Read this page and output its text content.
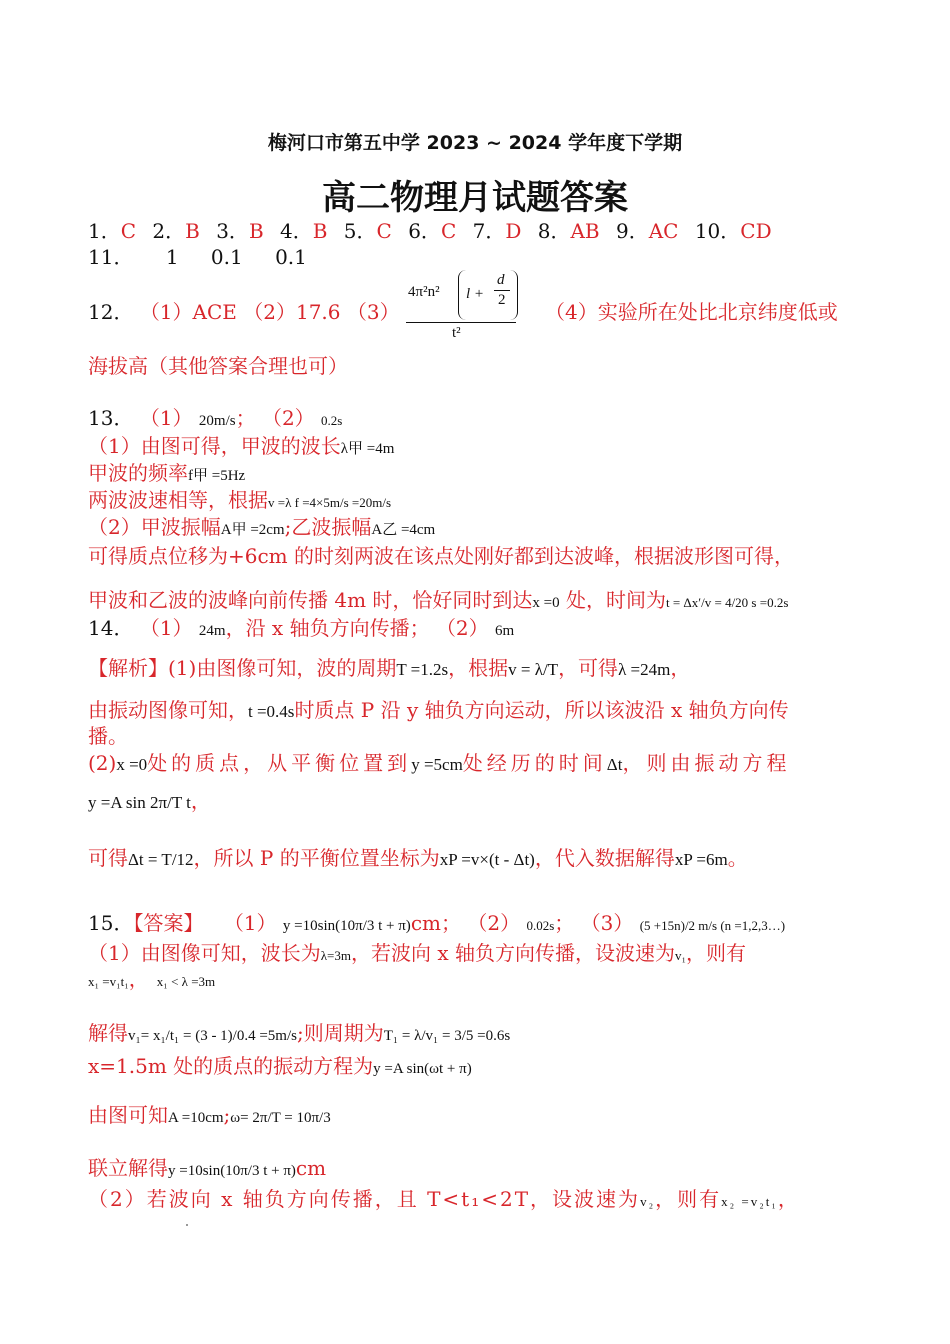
梅河口市第五中学 2023 ~ 2024 学年度下学期
高二物理月试题答案
1．C 2．B 3．B 4．B 5．C 6．C 7．D 8．AB 9．AC 10．CD
11． 1 0.1 0.1
12． （1）ACE （2）17.6 （3）
4π²n² l +
d
2
t²
（4）实验所在处比北京纬度低或
海拔高（其他答案合理也可）
13． （1） 20m/s； （2） 0.2s
（1）由图可得，甲波的波长λ甲 =4m
甲波的频率f甲 =5Hz
两波波速相等，根据v =λ f =4×5m/s =20m/s
（2）甲波振幅A甲 =2cm;乙波振幅A乙 =4cm
可得质点位移为+6cm 的时刻两波在该点处刚好都到达波峰，根据波形图可得，
甲波和乙波的波峰向前传播 4m 时，恰好同时到达x =0 处，时间为t = Δx′/v = 4/20 s =0.2s
14． （1） 24m，沿 x 轴负方向传播； （2） 6m
【解析】(1)由图像可知，波的周期T =1.2s，根据v = λ/T，可得λ =24m，
由振动图像可知，t =0.4s时质点 P 沿 y 轴负方向运动，所以该波沿 x 轴负方向传
播。
(2)x =0处的质点，从平衡位置到y =5cm处经历的时间Δt，则由振动方程
y =A sin 2π/T t，
可得Δt = T/12，所以 P 的平衡位置坐标为xP =v×(t - Δt)，代入数据解得xP =6m。
15．【答案】 （1） y =10sin(10π/3 t + π)cm； （2） 0.02s； （3） (5 +15n)/2 m/s (n =1,2,3…)
（1）由图像可知，波长为λ=3m，若波向 x 轴负方向传播，设波速为v₁，则有
x₁ =v₁t₁， x₁ < λ =3m
解得v₁= x₁/t₁ = (3 - 1)/0.4 =5m/s;则周期为T₁ = λ/v₁ = 3/5 =0.6s
x=1.5m 处的质点的振动方程为y =A sin(ωt + π)
由图可知A =10cm;ω= 2π/T = 10π/3
联立解得y =10sin(10π/3 t + π)cm
（2）若波向 x 轴负方向传播，且 T<t₁<2T，设波速为v₂，则有x₂ =v₂t₁，
